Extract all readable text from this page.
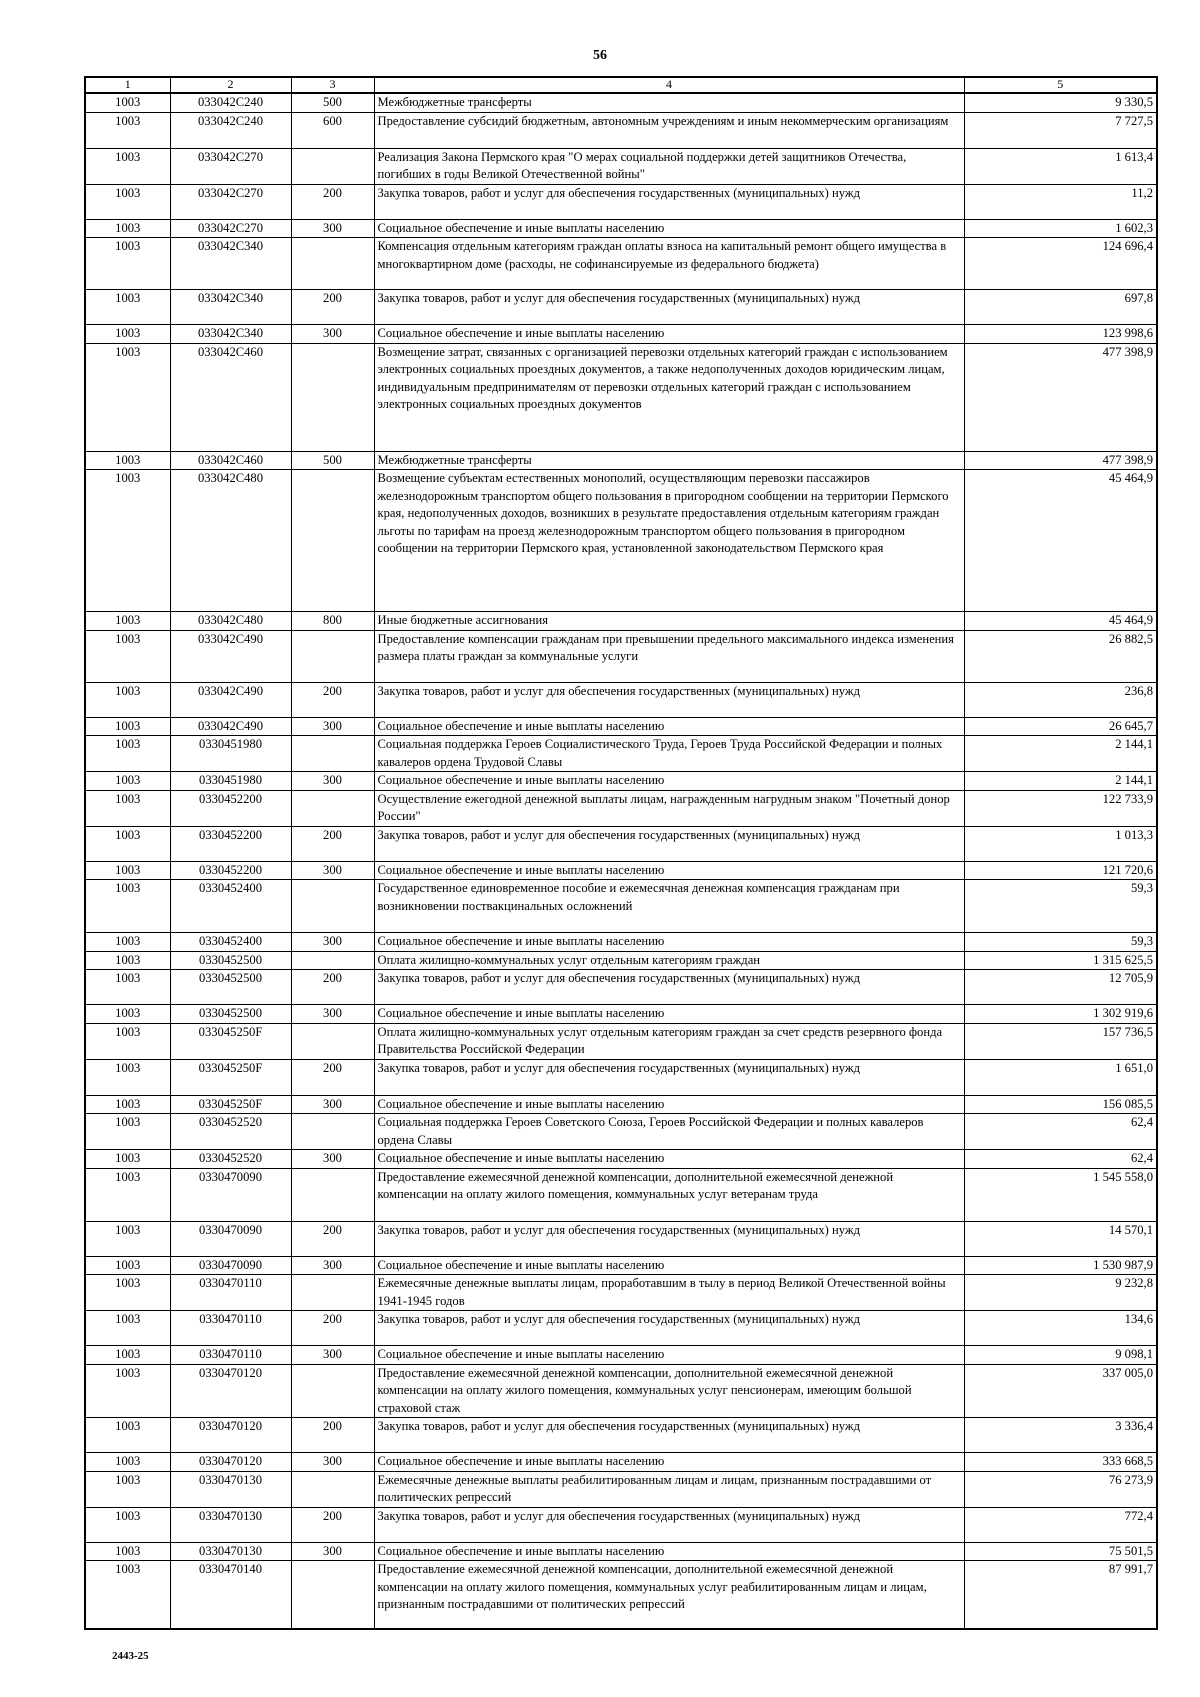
56
1	2	3	4	5
1003	033042C240	500	Межбюджетные трансферты	9 330,5
1003	033042C240	600	Предоставление субсидий бюджетным, автономным учреждениям и иным некоммерческим организациям	7 727,5
1003	033042C270		Реализация Закона Пермского края "О мерах социальной поддержки детей защитников Отечества, погибших в годы Великой Отечественной войны"	1 613,4
1003	033042C270	200	Закупка товаров, работ и услуг для обеспечения государственных (муниципальных) нужд	11,2
1003	033042C270	300	Социальное обеспечение и иные выплаты населению	1 602,3
1003	033042C340		Компенсация отдельным категориям граждан оплаты взноса на капитальный ремонт общего имущества в многоквартирном доме (расходы, не софинансируемые из федерального бюджета)	124 696,4
1003	033042C340	200	Закупка товаров, работ и услуг для обеспечения государственных (муниципальных) нужд	697,8
1003	033042C340	300	Социальное обеспечение и иные выплаты населению	123 998,6
1003	033042C460		Возмещение затрат, связанных с организацией перевозки отдельных категорий граждан с использованием электронных социальных проездных документов, а также недополученных доходов юридическим лицам, индивидуальным предпринимателям от перевозки отдельных категорий граждан с использованием электронных социальных проездных документов	477 398,9
1003	033042C460	500	Межбюджетные трансферты	477 398,9
1003	033042C480		Возмещение субъектам естественных монополий, осуществляющим перевозки пассажиров железнодорожным транспортом общего пользования в пригородном сообщении на территории Пермского края, недополученных доходов, возникших в результате предоставления отдельным категориям граждан льготы по тарифам на проезд железнодорожным транспортом общего пользования в пригородном сообщении на территории Пермского края, установленной законодательством Пермского края	45 464,9
1003	033042C480	800	Иные бюджетные ассигнования	45 464,9
1003	033042C490		Предоставление компенсации гражданам при превышении предельного максимального индекса изменения размера платы граждан за коммунальные услуги	26 882,5
1003	033042C490	200	Закупка товаров, работ и услуг для обеспечения государственных (муниципальных) нужд	236,8
1003	033042C490	300	Социальное обеспечение и иные выплаты населению	26 645,7
1003	0330451980		Социальная поддержка Героев Социалистического Труда, Героев Труда Российской Федерации и полных кавалеров ордена Трудовой Славы	2 144,1
1003	0330451980	300	Социальное обеспечение и иные выплаты населению	2 144,1
1003	0330452200		Осуществление ежегодной денежной выплаты лицам, награжденным нагрудным знаком "Почетный донор России"	122 733,9
1003	0330452200	200	Закупка товаров, работ и услуг для обеспечения государственных (муниципальных) нужд	1 013,3
1003	0330452200	300	Социальное обеспечение и иные выплаты населению	121 720,6
1003	0330452400		Государственное единовременное пособие и ежемесячная денежная компенсация гражданам при возникновении поствакцинальных осложнений	59,3
1003	0330452400	300	Социальное обеспечение и иные выплаты населению	59,3
1003	0330452500		Оплата жилищно-коммунальных услуг отдельным категориям граждан	1 315 625,5
1003	0330452500	200	Закупка товаров, работ и услуг для обеспечения государственных (муниципальных) нужд	12 705,9
1003	0330452500	300	Социальное обеспечение и иные выплаты населению	1 302 919,6
1003	033045250F		Оплата жилищно-коммунальных услуг отдельным категориям граждан за счет средств резервного фонда Правительства Российской Федерации	157 736,5
1003	033045250F	200	Закупка товаров, работ и услуг для обеспечения государственных (муниципальных) нужд	1 651,0
1003	033045250F	300	Социальное обеспечение и иные выплаты населению	156 085,5
1003	0330452520		Социальная поддержка Героев Советского Союза, Героев Российской Федерации и полных кавалеров ордена Славы	62,4
1003	0330452520	300	Социальное обеспечение и иные выплаты населению	62,4
1003	0330470090		Предоставление ежемесячной денежной компенсации, дополнительной ежемесячной денежной компенсации на оплату жилого помещения, коммунальных услуг ветеранам труда	1 545 558,0
1003	0330470090	200	Закупка товаров, работ и услуг для обеспечения государственных (муниципальных) нужд	14 570,1
1003	0330470090	300	Социальное обеспечение и иные выплаты населению	1 530 987,9
1003	0330470110		Ежемесячные денежные выплаты лицам, проработавшим в тылу в период Великой Отечественной войны 1941-1945 годов	9 232,8
1003	0330470110	200	Закупка товаров, работ и услуг для обеспечения государственных (муниципальных) нужд	134,6
1003	0330470110	300	Социальное обеспечение и иные выплаты населению	9 098,1
1003	0330470120		Предоставление ежемесячной денежной компенсации, дополнительной ежемесячной денежной компенсации на оплату жилого помещения, коммунальных услуг пенсионерам, имеющим большой страховой стаж	337 005,0
1003	0330470120	200	Закупка товаров, работ и услуг для обеспечения государственных (муниципальных) нужд	3 336,4
1003	0330470120	300	Социальное обеспечение и иные выплаты населению	333 668,5
1003	0330470130		Ежемесячные денежные выплаты реабилитированным лицам и лицам, признанным пострадавшими от политических репрессий	76 273,9
1003	0330470130	200	Закупка товаров, работ и услуг для обеспечения государственных (муниципальных) нужд	772,4
1003	0330470130	300	Социальное обеспечение и иные выплаты населению	75 501,5
1003	0330470140		Предоставление ежемесячной денежной компенсации, дополнительной ежемесячной денежной компенсации на оплату жилого помещения, коммунальных услуг реабилитированным лицам и лицам, признанным пострадавшими от политических репрессий	87 991,7
2443-25
